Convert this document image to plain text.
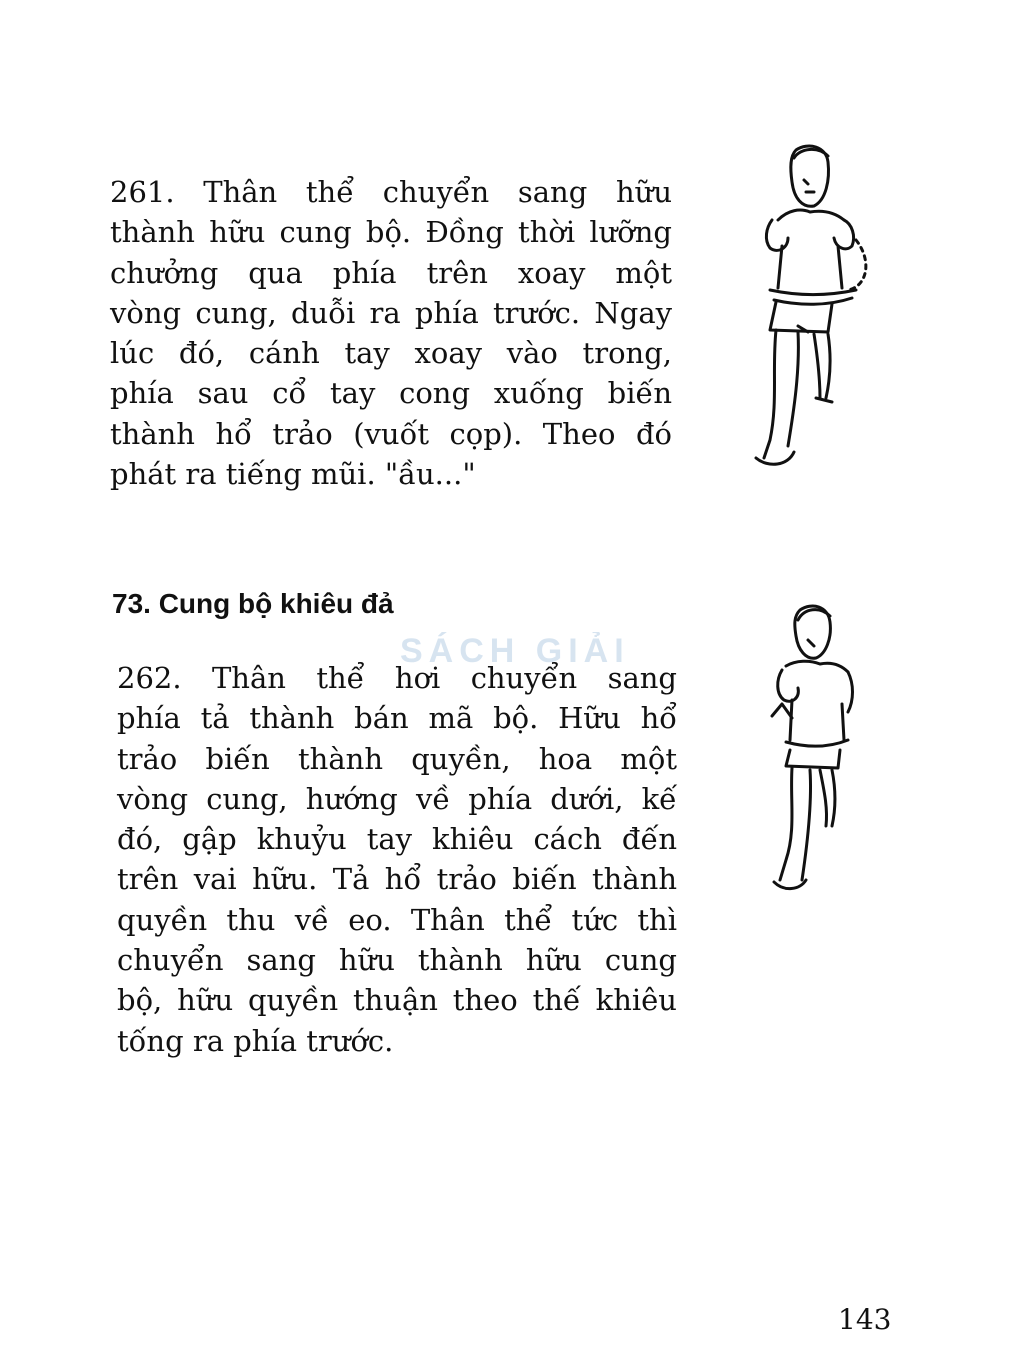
261. Thân thể chuyển sang hữu
thành hữu cung bộ. Đồng thời lưỡng
chưởng qua phía trên xoay một
vòng cung, duỗi ra phía trước. Ngay
lúc đó, cánh tay xoay vào trong,
phía sau cổ tay cong xuống biến
thành hổ trảo (vuốt cọp). Theo đó
phát ra tiếng mũi. "ầu..."
73. Cung bộ khiêu đả
SÁCH GIẢI
262. Thân thể hơi chuyển sang
phía tả thành bán mã bộ. Hữu hổ
trảo biến thành quyền, hoa một
vòng cung, hướng về phía dưới, kế
đó, gập khuỷu tay khiêu cách đến
trên vai hữu. Tả hổ trảo biến thành
quyền thu về eo. Thân thể tức thì
chuyển sang hữu thành hữu cung
bộ, hữu quyền thuận theo thế khiêu
tống ra phía trước.
143
